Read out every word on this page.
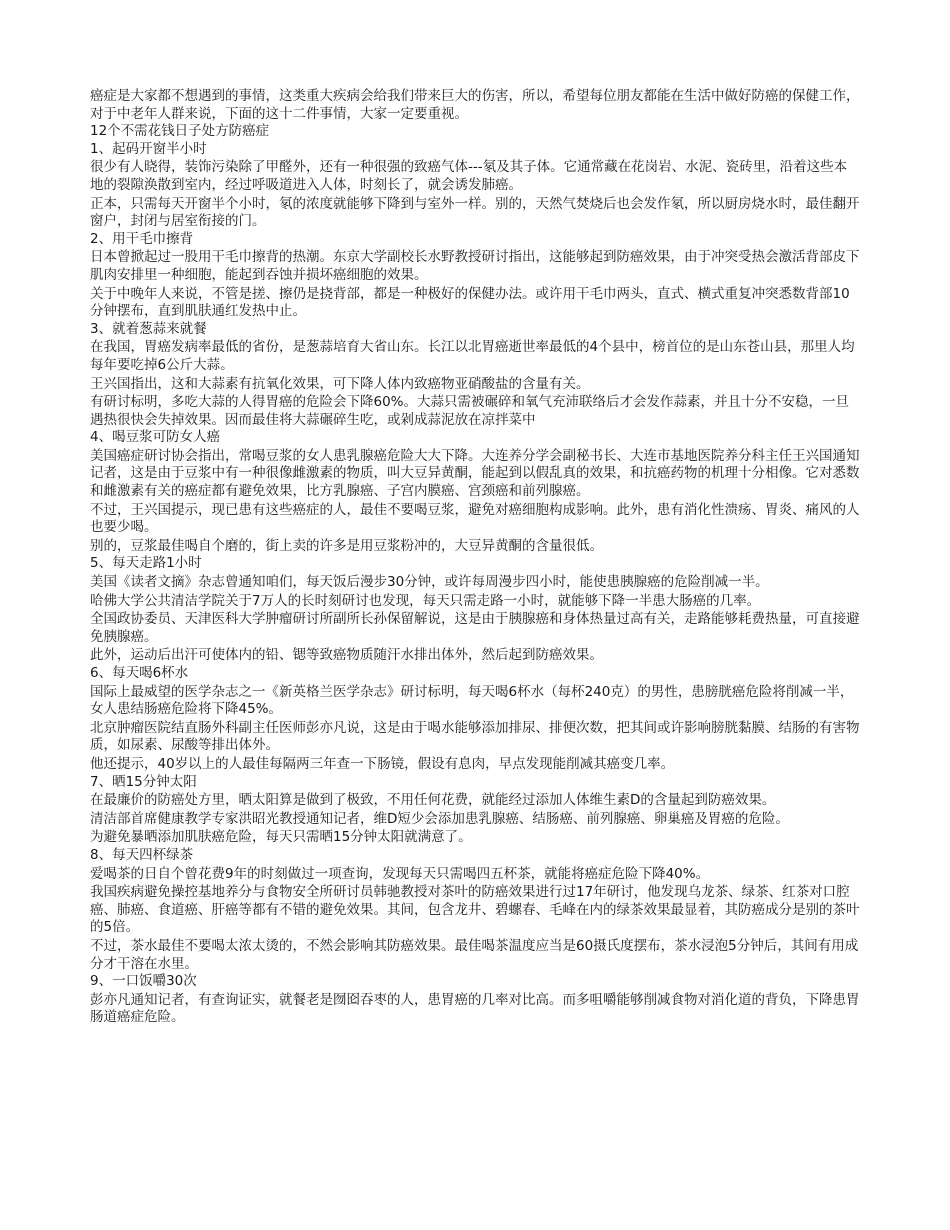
癌症是大家都不想遇到的事情，这类重大疾病会给我们带来巨大的伤害，所以，希望每位朋友都能在生活中做好防癌的保健工作，对于中老年人群来说，下面的这十二件事情，大家一定要重视。

12个不需花钱日子处方防癌症

1、起码开窗半小时

很少有人晓得，装饰污染除了甲醛外，还有一种很强的致癌气体---氡及其子体。它通常藏在花岗岩、水泥、瓷砖里，沿着这些本地的裂隙涣散到室内，经过呼吸道进入人体，时刻长了，就会诱发肺癌。

正本，只需每天开窗半个小时，氡的浓度就能够下降到与室外一样。别的，天然气焚烧后也会发作氡，所以厨房烧水时，最佳翻开窗户，封闭与居室衔接的门。

2、用干毛巾擦背

日本曾掀起过一股用干毛巾擦背的热潮。东京大学副校长水野教授研讨指出，这能够起到防癌效果，由于冲突受热会激活背部皮下肌肉安排里一种细胞，能起到吞蚀并损坏癌细胞的效果。

关于中晚年人来说，不管是搓、擦仍是挠背部，都是一种极好的保健办法。或许用干毛巾两头，直式、横式重复冲突悉数背部10分钟摆布，直到肌肤通红发热中止。

3、就着葱蒜来就餐

在我国，胃癌发病率最低的省份，是葱蒜培育大省山东。长江以北胃癌逝世率最低的4个县中，榜首位的是山东苍山县，那里人均每年要吃掉6公斤大蒜。

王兴国指出，这和大蒜素有抗氧化效果，可下降人体内致癌物亚硝酸盐的含量有关。

有研讨标明，多吃大蒜的人得胃癌的危险会下降60%。大蒜只需被碾碎和氧气充沛联络后才会发作蒜素，并且十分不安稳，一旦遇热很快会失掉效果。因而最佳将大蒜碾碎生吃，或剁成蒜泥放在凉拌菜中

4、喝豆浆可防女人癌

美国癌症研讨协会指出，常喝豆浆的女人患乳腺癌危险大大下降。大连养分学会副秘书长、大连市基地医院养分科主任王兴国通知记者，这是由于豆浆中有一种很像雌激素的物质，叫大豆异黄酮，能起到以假乱真的效果，和抗癌药物的机理十分相像。它对悉数和雌激素有关的癌症都有避免效果，比方乳腺癌、子宫内膜癌、宫颈癌和前列腺癌。

不过，王兴国提示，现已患有这些癌症的人，最佳不要喝豆浆，避免对癌细胞构成影响。此外，患有消化性溃疡、胃炎、痛风的人也要少喝。

别的，豆浆最佳喝自个磨的，街上卖的许多是用豆浆粉冲的，大豆异黄酮的含量很低。

5、每天走路1小时

美国《读者文摘》杂志曾通知咱们，每天饭后漫步30分钟，或许每周漫步四小时，能使患胰腺癌的危险削减一半。

哈佛大学公共清洁学院关于7万人的长时刻研讨也发现，每天只需走路一小时，就能够下降一半患大肠癌的几率。

全国政协委员、天津医科大学肿瘤研讨所副所长孙保留解说，这是由于胰腺癌和身体热量过高有关，走路能够耗费热量，可直接避免胰腺癌。

此外，运动后出汗可使体内的铅、锶等致癌物质随汗水排出体外，然后起到防癌效果。

6、每天喝6杯水

国际上最威望的医学杂志之一《新英格兰医学杂志》研讨标明，每天喝6杯水（每杯240克）的男性，患膀胱癌危险将削减一半，女人患结肠癌危险将下降45%。

北京肿瘤医院结直肠外科副主任医师彭亦凡说，这是由于喝水能够添加排尿、排便次数，把其间或许影响膀胱黏膜、结肠的有害物质，如尿素、尿酸等排出体外。

他还提示，40岁以上的人最佳每隔两三年查一下肠镜，假设有息肉，早点发现能削减其癌变几率。

7、晒15分钟太阳

在最廉价的防癌处方里，晒太阳算是做到了极致，不用任何花费，就能经过添加人体维生素D的含量起到防癌效果。

清洁部首席健康教学专家洪昭光教授通知记者，维D短少会添加患乳腺癌、结肠癌、前列腺癌、卵巢癌及胃癌的危险。

为避免暴晒添加肌肤癌危险，每天只需晒15分钟太阳就满意了。

8、每天四杯绿茶

爱喝茶的日自个曾花费9年的时刻做过一项查询，发现每天只需喝四五杯茶，就能将癌症危险下降40%。

我国疾病避免操控基地养分与食物安全所研讨员韩驰教授对茶叶的防癌效果进行过17年研讨，他发现乌龙茶、绿茶、红茶对口腔癌、肺癌、食道癌、肝癌等都有不错的避免效果。其间，包含龙井、碧螺春、毛峰在内的绿茶效果最显着，其防癌成分是别的茶叶的5倍。

不过，茶水最佳不要喝太浓太烫的，不然会影响其防癌效果。最佳喝茶温度应当是60摄氏度摆布，茶水浸泡5分钟后，其间有用成分才干溶在水里。

9、一口饭嚼30次

彭亦凡通知记者，有查询证实，就餐老是囫囵吞枣的人，患胃癌的几率对比高。而多咀嚼能够削减食物对消化道的背负，下降患胃肠道癌症危险。
